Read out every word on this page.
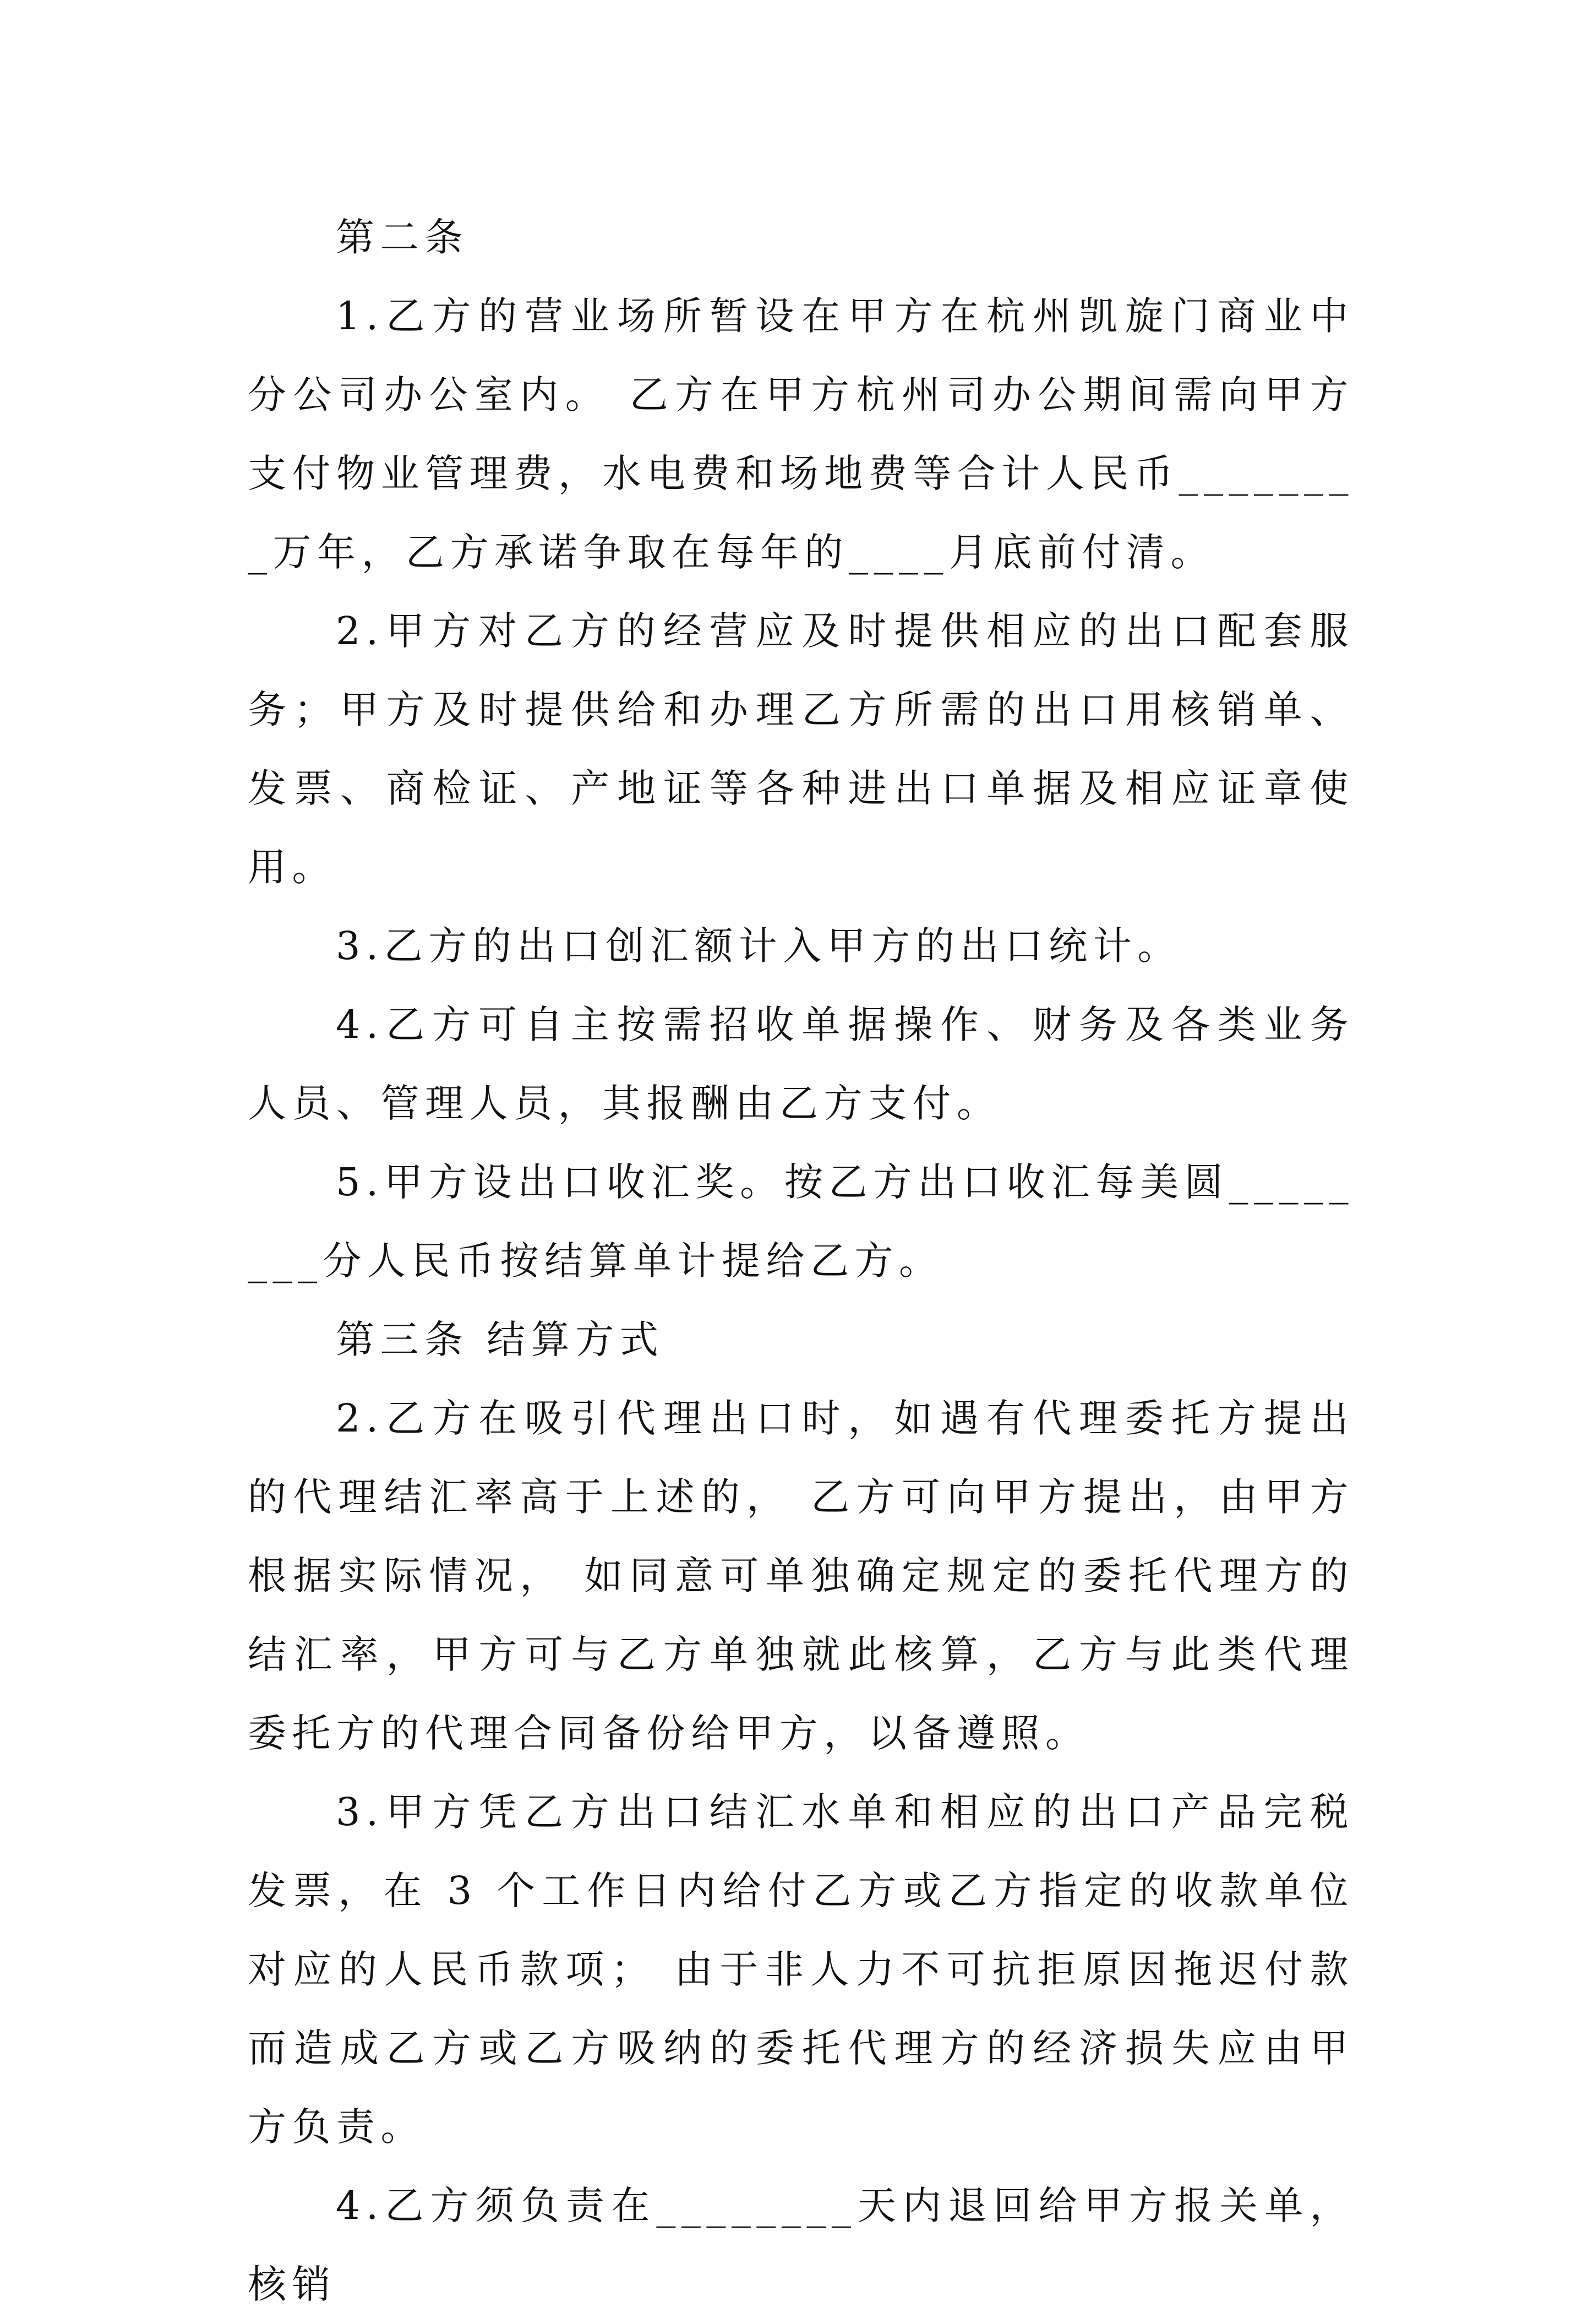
第二条

1.乙方的营业场所暂设在甲方在杭州凯旋门商业中分公司办公室内。 乙方在甲方杭州司办公期间需向甲方支付物业管理费，水电费和场地费等合计人民币________万年，乙方承诺争取在每年的____月底前付清。

2.甲方对乙方的经营应及时提供相应的出口配套服务；甲方及时提供给和办理乙方所需的出口用核销单、发票、商检证、产地证等各种进出口单据及相应证章使用。

3.乙方的出口创汇额计入甲方的出口统计。

4.乙方可自主按需招收单据操作、财务及各类业务人员、管理人员，其报酬由乙方支付。

5.甲方设出口收汇奖。按乙方出口收汇每美圆________分人民币按结算单计提给乙方。

第三条 结算方式

2.乙方在吸引代理出口时，如遇有代理委托方提出的代理结汇率高于上述的， 乙方可向甲方提出，由甲方根据实际情况， 如同意可单独确定规定的委托代理方的结汇率，甲方可与乙方单独就此核算，乙方与此类代理委托方的代理合同备份给甲方，以备遵照。

3.甲方凭乙方出口结汇水单和相应的出口产品完税发票，在 3 个工作日内给付乙方或乙方指定的收款单位对应的人民币款项； 由于非人力不可抗拒原因拖迟付款而造成乙方或乙方吸纳的委托代理方的经济损失应由甲方负责。

4.乙方须负责在________天内退回给甲方报关单，核销
